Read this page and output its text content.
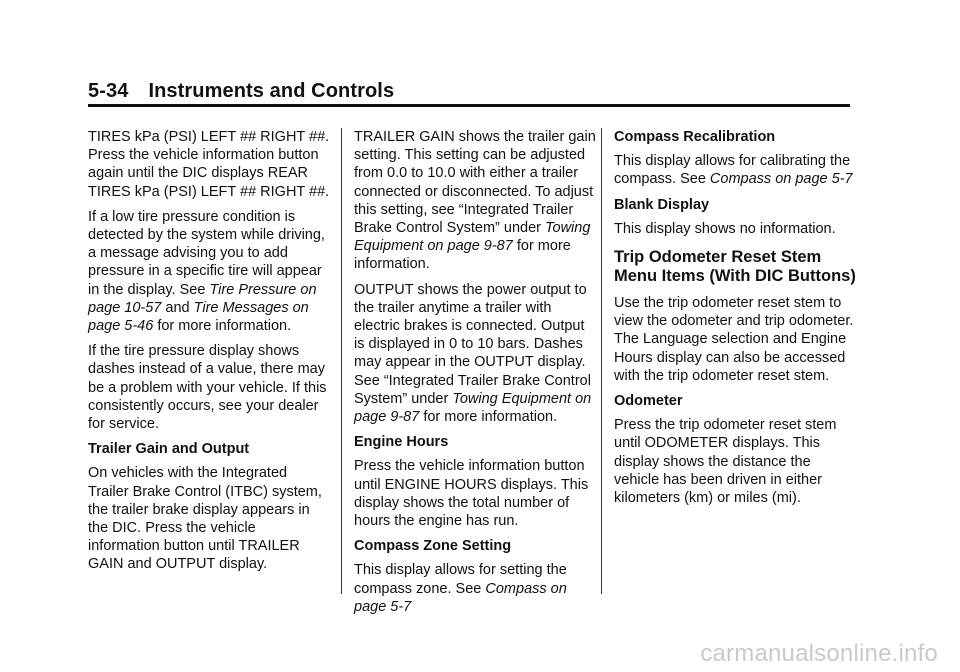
5-34 Instruments and Controls

TIRES kPa (PSI) LEFT ## RIGHT ##. Press the vehicle information button again until the DIC displays REAR TIRES kPa (PSI) LEFT ## RIGHT ##.

If a low tire pressure condition is detected by the system while driving, a message advising you to add pressure in a specific tire will appear in the display. See Tire Pressure on page 10-57 and Tire Messages on page 5-46 for more information.

If the tire pressure display shows dashes instead of a value, there may be a problem with your vehicle. If this consistently occurs, see your dealer for service.

Trailer Gain and Output

On vehicles with the Integrated Trailer Brake Control (ITBC) system, the trailer brake display appears in the DIC. Press the vehicle information button until TRAILER GAIN and OUTPUT display.

TRAILER GAIN shows the trailer gain setting. This setting can be adjusted from 0.0 to 10.0 with either a trailer connected or disconnected. To adjust this setting, see “Integrated Trailer Brake Control System” under Towing Equipment on page 9-87 for more information.

OUTPUT shows the power output to the trailer anytime a trailer with electric brakes is connected. Output is displayed in 0 to 10 bars. Dashes may appear in the OUTPUT display. See “Integrated Trailer Brake Control System” under Towing Equipment on page 9-87 for more information.

Engine Hours

Press the vehicle information button until ENGINE HOURS displays. This display shows the total number of hours the engine has run.

Compass Zone Setting

This display allows for setting the compass zone. See Compass on page 5-7

Compass Recalibration

This display allows for calibrating the compass. See Compass on page 5-7

Blank Display

This display shows no information.

Trip Odometer Reset Stem Menu Items (With DIC Buttons)

Use the trip odometer reset stem to view the odometer and trip odometer. The Language selection and Engine Hours display can also be accessed with the trip odometer reset stem.

Odometer

Press the trip odometer reset stem until ODOMETER displays. This display shows the distance the vehicle has been driven in either kilometers (km) or miles (mi).

carmanualsonline.info
